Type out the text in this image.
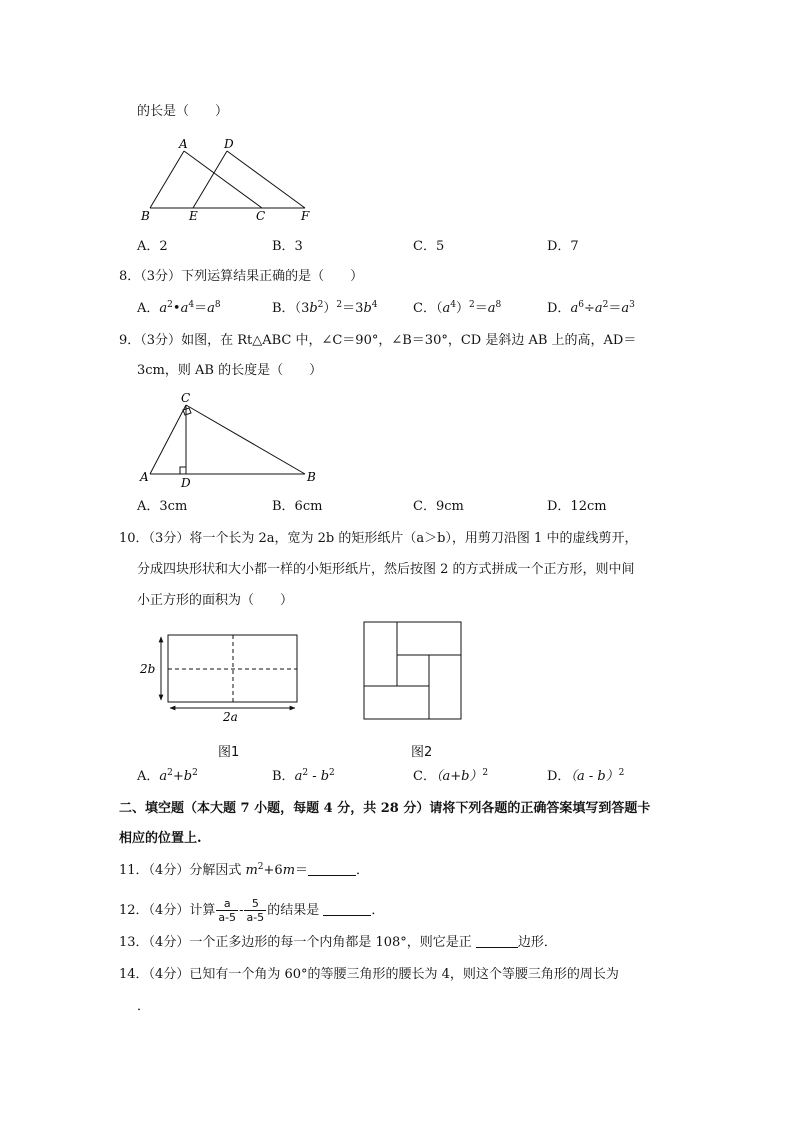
的长是（　　）
A	D
B	E	C	F
A．2	B．3	C．5	D．7
8．（3分）下列运算结果正确的是（　　）
A．$a^2•a^4=a^8$	B．$(3b^2)^2=3b^4$	C．$(a^4)^2=a^8$	D．$a^6\div a^2=a^3$
9．（3分）如图，在 Rt△ABC 中，∠C＝90°，∠B＝30°，CD 是斜边 AB 上的高，AD＝
3cm，则 AB 的长度是（　　）
C
A	D	B
A．3cm	B．6cm	C．9cm	D．12cm
10．（3分）将一个长为 2a，宽为 2b 的矩形纸片（a＞b），用剪刀沿图 1 中的虚线剪开，
分成四块形状和大小都一样的小矩形纸片，然后按图 2 的方式拼成一个正方形，则中间
小正方形的面积为（　　）
2b
2a
图1	图2
A．$a^2+b^2$	B．$a^2 - b^2$	C．$(a+b)^2$	D．（a - b）$^2$
二、填空题（本大题 7 小题，每题 4 分，共 28 分）请将下列各题的正确答案填写到答题卡
相应的位置上.
11．（4分）分解因式 $m^2+6m=$	．
12．（4分）计算 $\frac{a}{a-5} - \frac{5}{a-5}$ 的结果是	．
13．（4分）一个正多边形的每一个内角都是 108°，则它是正	边形．
14．（4分）已知有一个角为 60°的等腰三角形的腰长为 4，则这个等腰三角形的周长为
．
